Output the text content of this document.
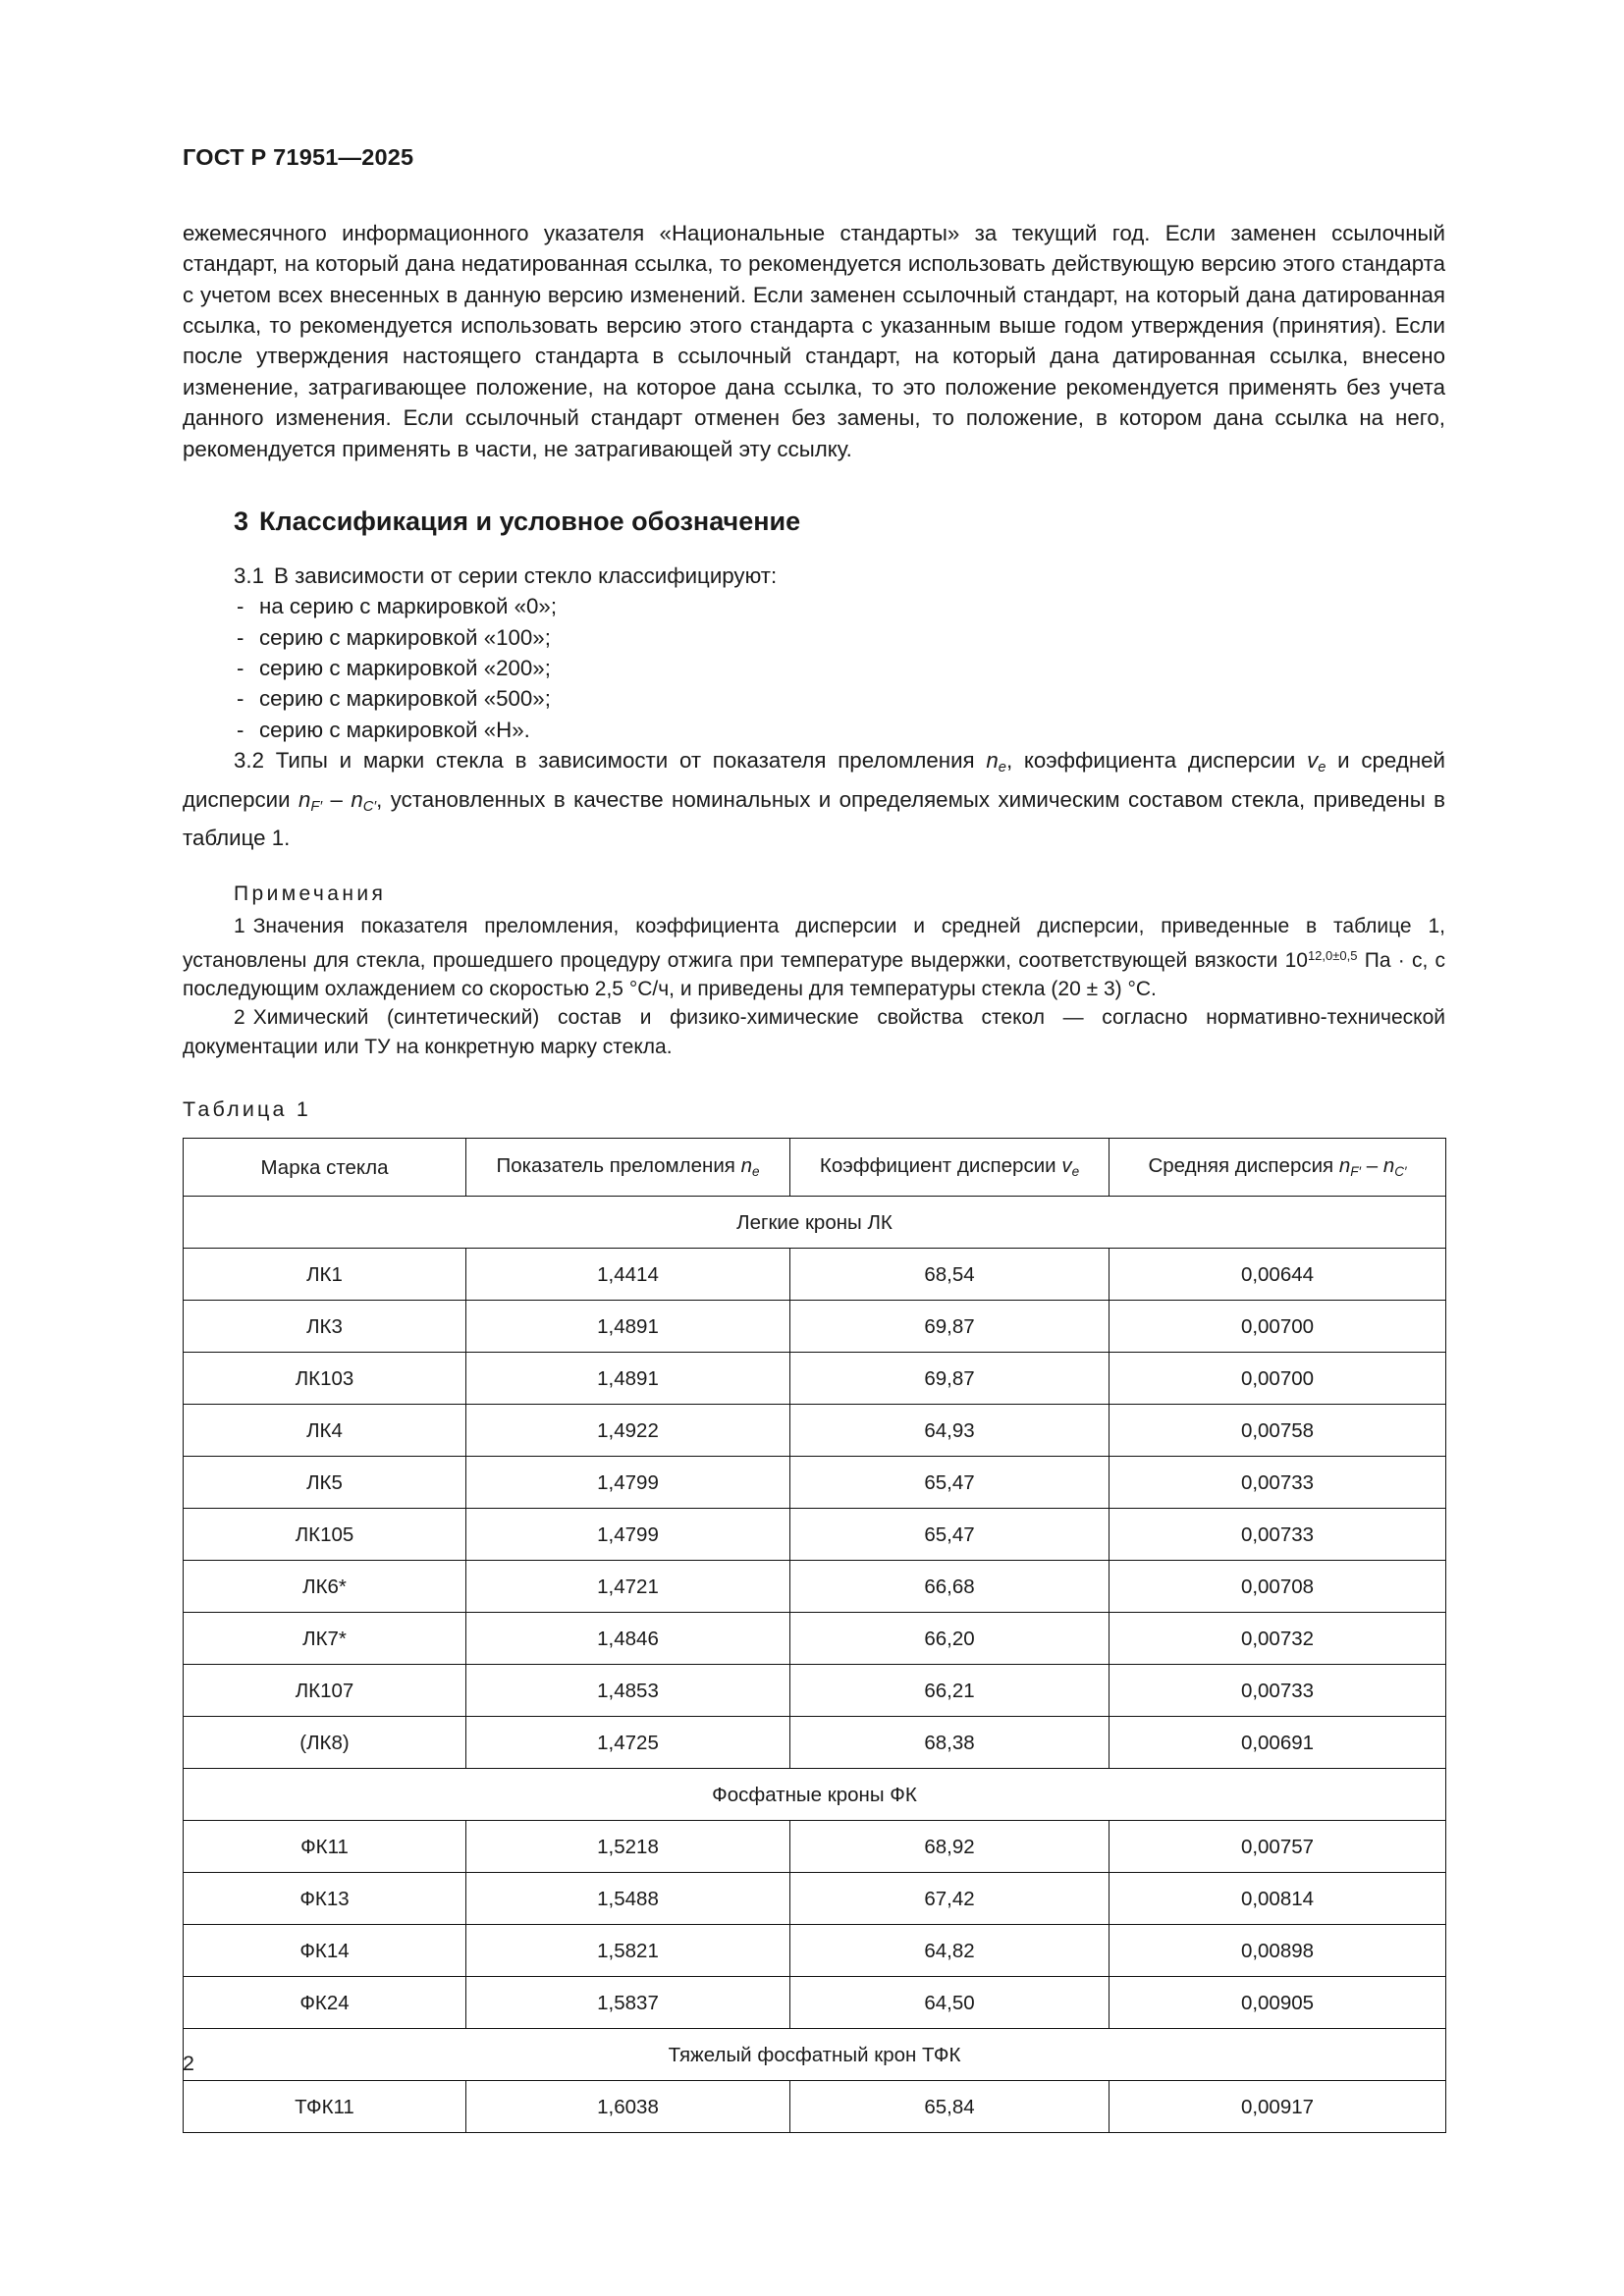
ГОСТ Р 71951—2025

ежемесячного информационного указателя «Национальные стандарты» за текущий год. Если заменен ссылочный стандарт, на который дана недатированная ссылка, то рекомендуется использовать действующую версию этого стандарта с учетом всех внесенных в данную версию изменений. Если заменен ссылочный стандарт, на который дана датированная ссылка, то рекомендуется использовать версию этого стандарта с указанным выше годом утверждения (принятия). Если после утверждения настоящего стандарта в ссылочный стандарт, на который дана датированная ссылка, внесено изменение, затрагивающее положение, на которое дана ссылка, то это положение рекомендуется применять без учета данного изменения. Если ссылочный стандарт отменен без замены, то положение, в котором дана ссылка на него, рекомендуется применять в части, не затрагивающей эту ссылку.

3 Классификация и условное обозначение

3.1 В зависимости от серии стекло классифицируют:

- на серию с маркировкой «0»;
- серию с маркировкой «100»;
- серию с маркировкой «200»;
- серию с маркировкой «500»;
- серию с маркировкой «Н».

3.2 Типы и марки стекла в зависимости от показателя преломления $n_e$, коэффициента дисперсии $v_e$ и средней дисперсии $n_{F'} - n_{C'}$, установленных в качестве номинальных и определяемых химическим составом стекла, приведены в таблице 1.

Примечания

1 Значения показателя преломления, коэффициента дисперсии и средней дисперсии, приведенные в таблице 1, установлены для стекла, прошедшего процедуру отжига при температуре выдержки, соответствующей вязкости $10^{12,0\pm 0,5}$ Па · с, с последующим охлаждением со скоростью 2,5 °C/ч, и приведены для температуры стекла (20 ± 3) °C.

2 Химический (синтетический) состав и физико-химические свойства стекол — согласно нормативно-технической документации или ТУ на конкретную марку стекла.

Таблица 1
Марка стекла	Показатель преломления $n_e$	Коэффициент дисперсии $v_e$	Средняя дисперсия $n_{F'} - n_{C'}$
Легкие кроны ЛК			
ЛК1	1,4414	68,54	0,00644
ЛК3	1,4891	69,87	0,00700
ЛК103	1,4891	69,87	0,00700
ЛК4	1,4922	64,93	0,00758
ЛК5	1,4799	65,47	0,00733
ЛК105	1,4799	65,47	0,00733
ЛК6*	1,4721	66,68	0,00708
ЛК7*	1,4846	66,20	0,00732
ЛК107	1,4853	66,21	0,00733
(ЛК8)	1,4725	68,38	0,00691
Фосфатные кроны ФК			
ФК11	1,5218	68,92	0,00757
ФК13	1,5488	67,42	0,00814
ФК14	1,5821	64,82	0,00898
ФК24	1,5837	64,50	0,00905
Тяжелый фосфатный крон ТФК			
ТФК11	1,6038	65,84	0,00917
2
